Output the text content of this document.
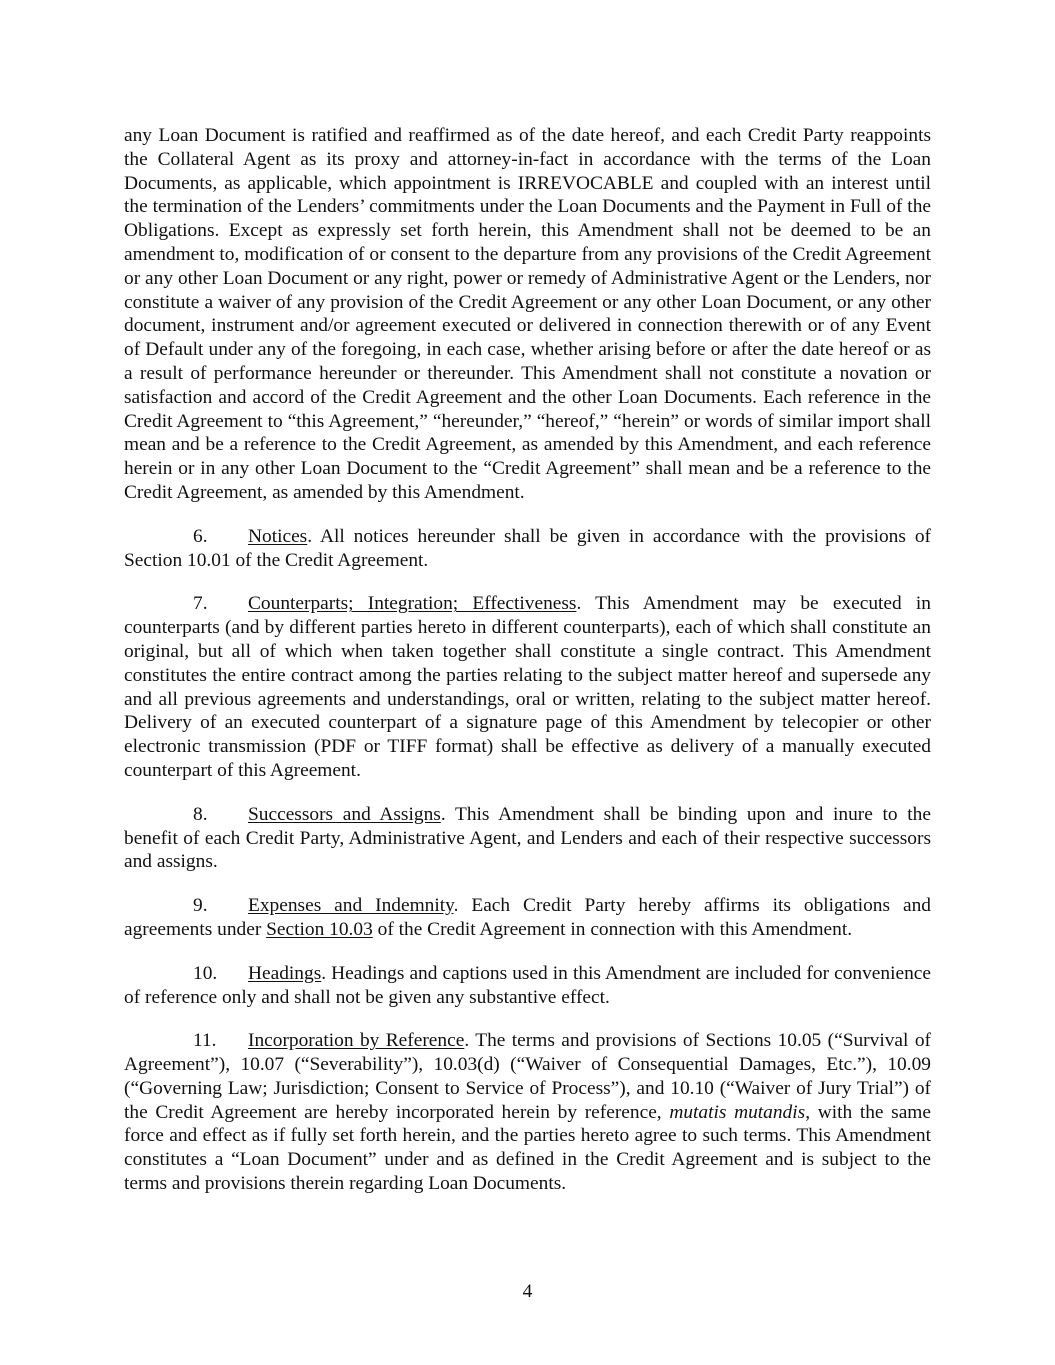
any Loan Document is ratified and reaffirmed as of the date hereof, and each Credit Party reappoints the Collateral Agent as its proxy and attorney-in-fact in accordance with the terms of the Loan Documents, as applicable, which appointment is IRREVOCABLE and coupled with an interest until the termination of the Lenders’ commitments under the Loan Documents and the Payment in Full of the Obligations. Except as expressly set forth herein, this Amendment shall not be deemed to be an amendment to, modification of or consent to the departure from any provisions of the Credit Agreement or any other Loan Document or any right, power or remedy of Administrative Agent or the Lenders, nor constitute a waiver of any provision of the Credit Agreement or any other Loan Document, or any other document, instrument and/or agreement executed or delivered in connection therewith or of any Event of Default under any of the foregoing, in each case, whether arising before or after the date hereof or as a result of performance hereunder or thereunder. This Amendment shall not constitute a novation or satisfaction and accord of the Credit Agreement and the other Loan Documents. Each reference in the Credit Agreement to “this Agreement,” “hereunder,” “hereof,” “herein” or words of similar import shall mean and be a reference to the Credit Agreement, as amended by this Amendment, and each reference herein or in any other Loan Document to the “Credit Agreement” shall mean and be a reference to the Credit Agreement, as amended by this Amendment.

6. Notices. All notices hereunder shall be given in accordance with the provisions of Section 10.01 of the Credit Agreement.

7. Counterparts; Integration; Effectiveness. This Amendment may be executed in counterparts (and by different parties hereto in different counterparts), each of which shall constitute an original, but all of which when taken together shall constitute a single contract. This Amendment constitutes the entire contract among the parties relating to the subject matter hereof and supersede any and all previous agreements and understandings, oral or written, relating to the subject matter hereof. Delivery of an executed counterpart of a signature page of this Amendment by telecopier or other electronic transmission (PDF or TIFF format) shall be effective as delivery of a manually executed counterpart of this Agreement.

8. Successors and Assigns. This Amendment shall be binding upon and inure to the benefit of each Credit Party, Administrative Agent, and Lenders and each of their respective successors and assigns.

9. Expenses and Indemnity. Each Credit Party hereby affirms its obligations and agreements under Section 10.03 of the Credit Agreement in connection with this Amendment.

10. Headings. Headings and captions used in this Amendment are included for convenience of reference only and shall not be given any substantive effect.

11. Incorporation by Reference. The terms and provisions of Sections 10.05 (“Survival of Agreement”), 10.07 (“Severability”), 10.03(d) (“Waiver of Consequential Damages, Etc.”), 10.09 (“Governing Law; Jurisdiction; Consent to Service of Process”), and 10.10 (“Waiver of Jury Trial”) of the Credit Agreement are hereby incorporated herein by reference, mutatis mutandis, with the same force and effect as if fully set forth herein, and the parties hereto agree to such terms. This Amendment constitutes a “Loan Document” under and as defined in the Credit Agreement and is subject to the terms and provisions therein regarding Loan Documents.

4
